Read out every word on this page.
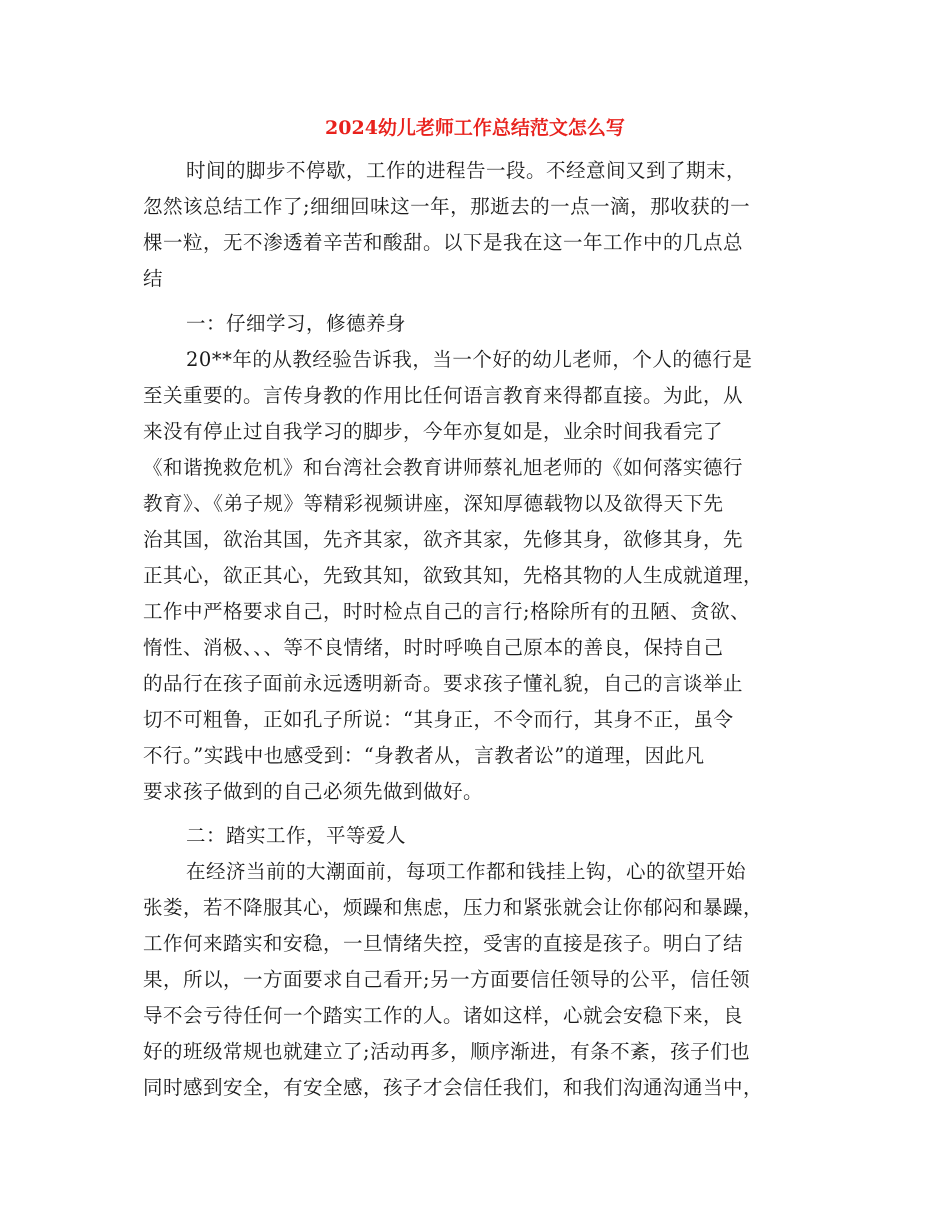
2024幼儿老师工作总结范文怎么写
时间的脚步不停歇，工作的进程告一段。不经意间又到了期末，
忽然该总结工作了;细细回味这一年，那逝去的一点一滴，那收获的一
棵一粒，无不渗透着辛苦和酸甜。以下是我在这一年工作中的几点总
结
一：仔细学习，修德养身
20**年的从教经验告诉我，当一个好的幼儿老师，个人的德行是
至关重要的。言传身教的作用比任何语言教育来得都直接。为此，从
来没有停止过自我学习的脚步，今年亦复如是，业余时间我看完了
《和谐挽救危机》和台湾社会教育讲师蔡礼旭老师的《如何落实德行
教育》、《弟子规》等精彩视频讲座，深知厚德载物以及欲得天下先
治其国，欲治其国，先齐其家，欲齐其家，先修其身，欲修其身，先
正其心，欲正其心，先致其知，欲致其知，先格其物的人生成就道理，
工作中严格要求自己，时时检点自己的言行;格除所有的丑陋、贪欲、
惰性、消极、、、等不良情绪，时时呼唤自己原本的善良，保持自己
的品行在孩子面前永远透明新奇。要求孩子懂礼貌，自己的言谈举止
切不可粗鲁，正如孔子所说：“其身正，不令而行，其身不正，虽令
不行。”实践中也感受到：“身教者从，言教者讼”的道理，因此凡
要求孩子做到的自己必须先做到做好。
二：踏实工作，平等爱人
在经济当前的大潮面前，每项工作都和钱挂上钩，心的欲望开始
张娄，若不降服其心，烦躁和焦虑，压力和紧张就会让你郁闷和暴躁，
工作何来踏实和安稳，一旦情绪失控，受害的直接是孩子。明白了结
果，所以，一方面要求自己看开;另一方面要信任领导的公平，信任领
导不会亏待任何一个踏实工作的人。诸如这样，心就会安稳下来，良
好的班级常规也就建立了;活动再多，顺序渐进，有条不紊，孩子们也
同时感到安全，有安全感，孩子才会信任我们，和我们沟通沟通当中，
